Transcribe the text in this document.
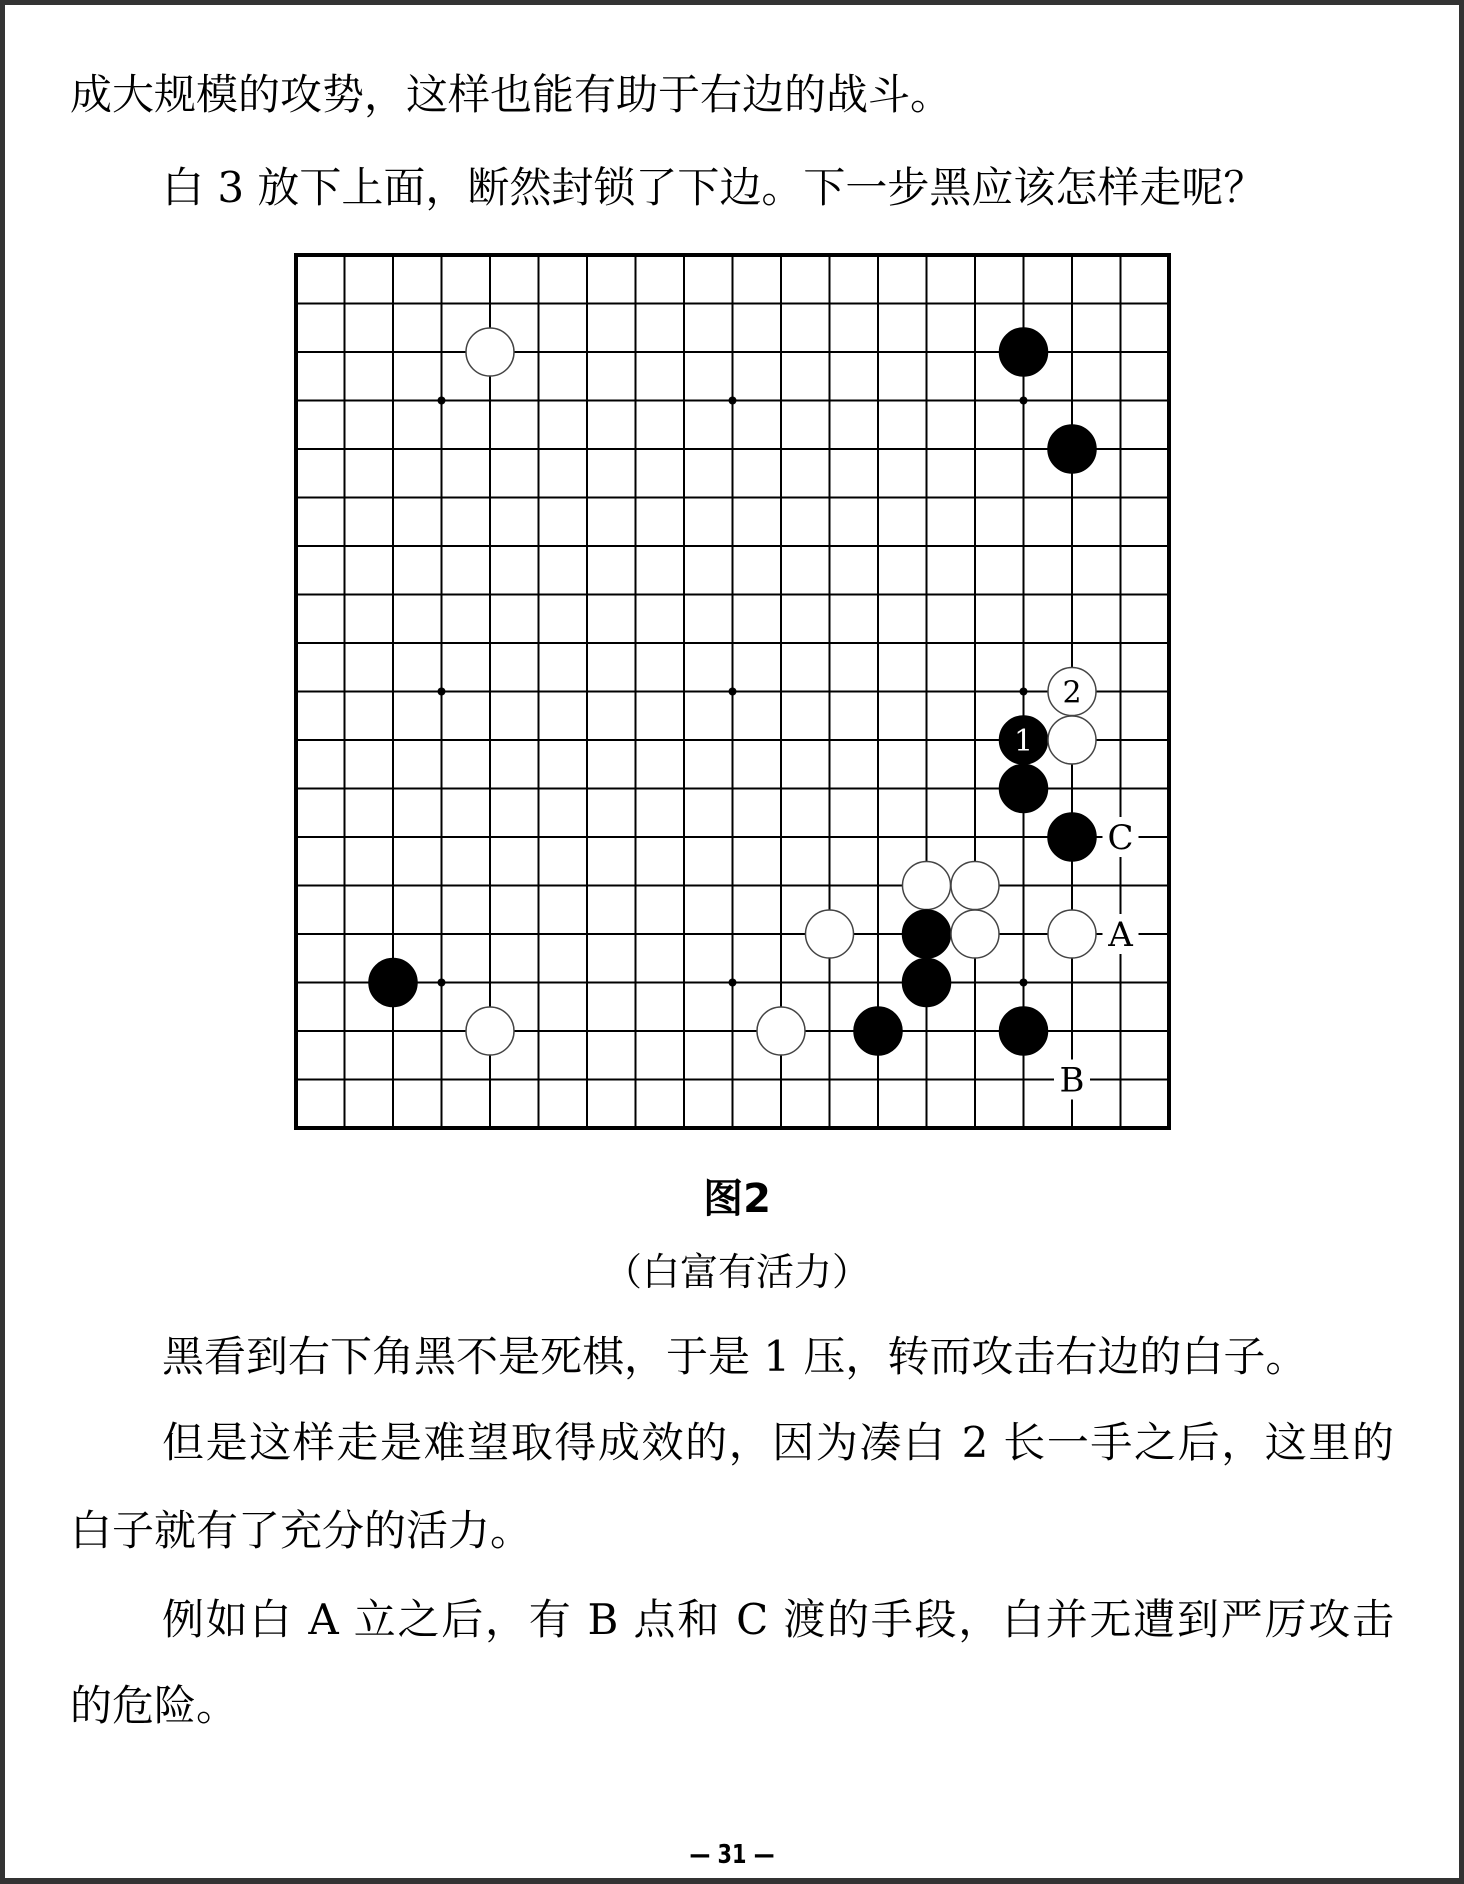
成大规模的攻势，这样也能有助于右边的战斗。
白 3 放下上面，断然封锁了下边。下一步黑应该怎样走呢？
C
A
B
2
1
图2
（白富有活力）
黑看到右下角黑不是死棋，于是 1 压，转而攻击右边的白子。
但是这样走是难望取得成效的，因为凑白 2 长一手之后，这里的
白子就有了充分的活力。
例如白 A 立之后，有 B 点和 C 渡的手段，白并无遭到严厉攻击
的危险。
— 31 —
